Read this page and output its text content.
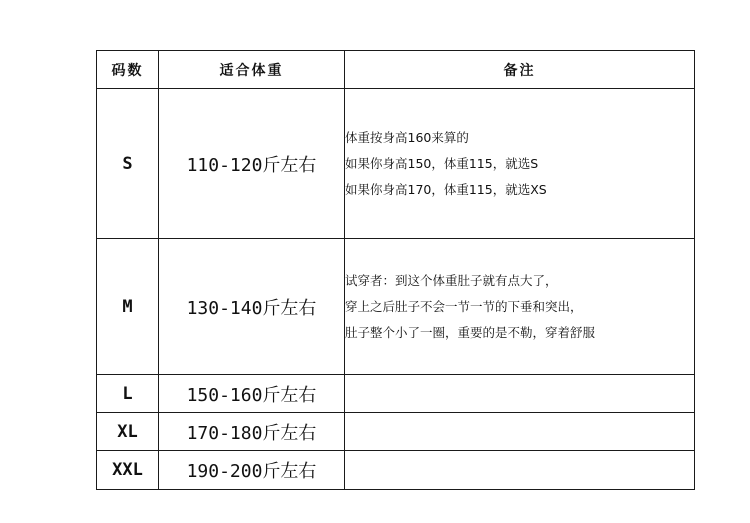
码数	适合体重	备注
S	110-120斤左右	体重按身高160来算的
如果你身高150，体重115，就选S
如果你身高170，体重115，就选XS

M	130-140斤左右	试穿者：到这个体重肚子就有点大了，
穿上之后肚子不会一节一节的下垂和突出，
肚子整个小了一圈，重要的是不勒，穿着舒服

L	150-160斤左右	
XL	170-180斤左右	
XXL	190-200斤左右	
